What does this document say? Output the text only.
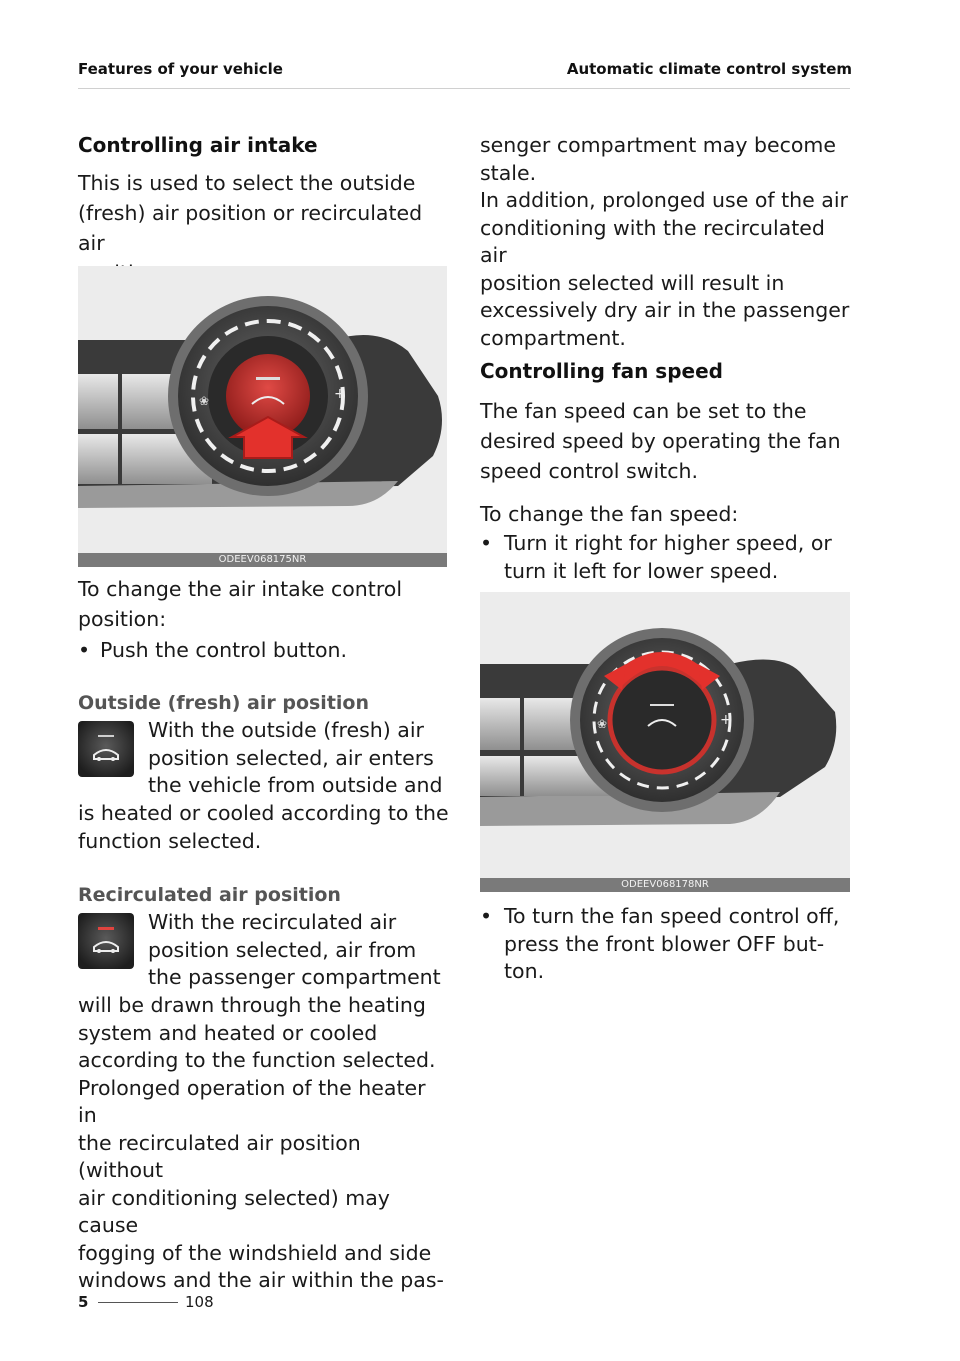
Features of your vehicle	Automatic climate control system
Controlling air intake
This is used to select the outside
(fresh) air position or recirculated air
+
❀
ODEEV068175NR
To change the air intake control
position:
• Push the control button.
Outside (fresh) air position
With the outside (fresh) air
position selected, air enters
the vehicle from outside and
is heated or cooled according to the
function selected.
Recirculated air position
With the recirculated air
position selected, air from
the passenger compartment
will be drawn through the heating
system and heated or cooled
according to the function selected.
Prolonged operation of the heater in
the recirculated air position (without
air conditioning selected) may cause
fogging of the windshield and side
windows and the air within the pas-
senger compartment may become
stale.
In addition, prolonged use of the air
conditioning with the recirculated air
position selected will result in
excessively dry air in the passenger
compartment.
Controlling fan speed
The fan speed can be set to the
desired speed by operating the fan
speed control switch.
To change the fan speed:
• Turn it right for higher speed, or
turn it left for lower speed.
+
❀
ODEEV068178NR
• To turn the fan speed control off,
press the front blower OFF but-
ton.
5	108
